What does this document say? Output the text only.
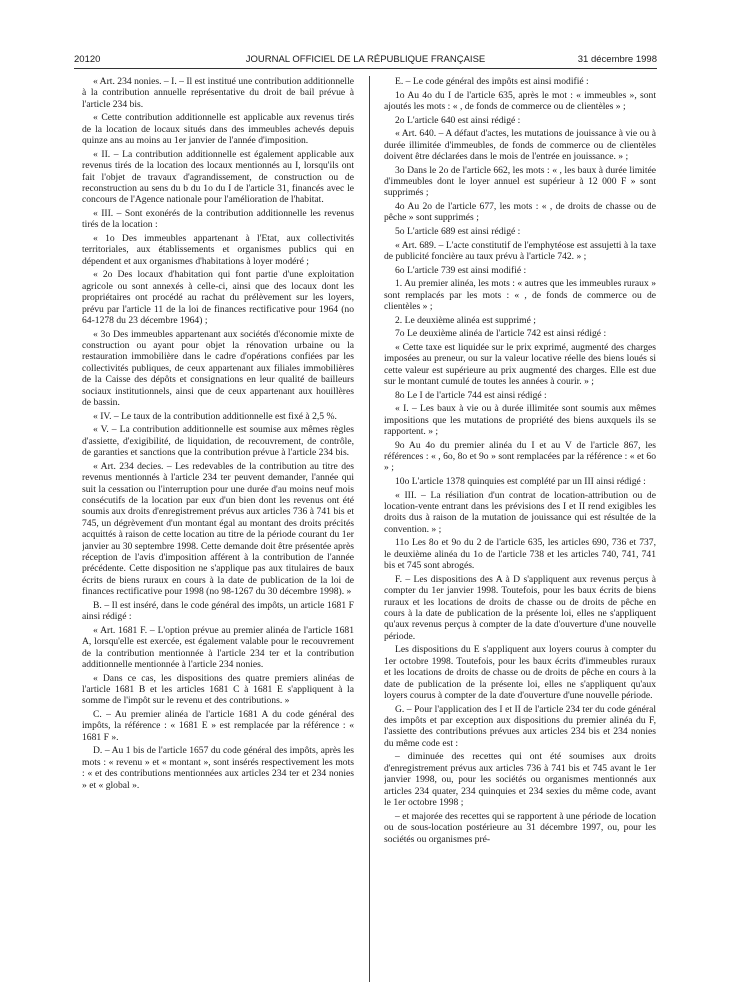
20120	JOURNAL OFFICIEL DE LA RÉPUBLIQUE FRANÇAISE	31 décembre 1998

« Art. 234 nonies. – I. – Il est institué une contribution additionnelle à la contribution annuelle représentative du droit de bail prévue à l'article 234 bis.

« Cette contribution additionnelle est applicable aux revenus tirés de la location de locaux situés dans des immeubles achevés depuis quinze ans au moins au 1er janvier de l'année d'imposition.

« II. – La contribution additionnelle est également applicable aux revenus tirés de la location des locaux mentionnés au I, lorsqu'ils ont fait l'objet de travaux d'agrandissement, de construction ou de reconstruction au sens du b du 1o du I de l'article 31, financés avec le concours de l'Agence nationale pour l'amélioration de l'habitat.

« III. – Sont exonérés de la contribution additionnelle les revenus tirés de la location :

« 1o Des immeubles appartenant à l'Etat, aux collectivités territoriales, aux établissements et organismes publics qui en dépendent et aux organismes d'habitations à loyer modéré ;

« 2o Des locaux d'habitation qui font partie d'une exploitation agricole ou sont annexés à celle-ci, ainsi que des locaux dont les propriétaires ont procédé au rachat du prélèvement sur les loyers, prévu par l'article 11 de la loi de finances rectificative pour 1964 (no 64-1278 du 23 décembre 1964) ;

« 3o Des immeubles appartenant aux sociétés d'économie mixte de construction ou ayant pour objet la rénovation urbaine ou la restauration immobilière dans le cadre d'opérations confiées par les collectivités publiques, de ceux appartenant aux filiales immobilières de la Caisse des dépôts et consignations en leur qualité de bailleurs sociaux institutionnels, ainsi que de ceux appartenant aux houillères de bassin.

« IV. – Le taux de la contribution additionnelle est fixé à 2,5 %.

« V. – La contribution additionnelle est soumise aux mêmes règles d'assiette, d'exigibilité, de liquidation, de recouvrement, de contrôle, de garanties et sanctions que la contribution prévue à l'article 234 bis.

« Art. 234 decies. – Les redevables de la contribution au titre des revenus mentionnés à l'article 234 ter peuvent demander, l'année qui suit la cessation ou l'interruption pour une durée d'au moins neuf mois consécutifs de la location par eux d'un bien dont les revenus ont été soumis aux droits d'enregistrement prévus aux articles 736 à 741 bis et 745, un dégrèvement d'un montant égal au montant des droits précités acquittés à raison de cette location au titre de la période courant du 1er janvier au 30 septembre 1998. Cette demande doit être présentée après réception de l'avis d'imposition afférent à la contribution de l'année précédente. Cette disposition ne s'applique pas aux titulaires de baux écrits de biens ruraux en cours à la date de publication de la loi de finances rectificative pour 1998 (no 98-1267 du 30 décembre 1998). »

B. – Il est inséré, dans le code général des impôts, un article 1681 F ainsi rédigé :

« Art. 1681 F. – L'option prévue au premier alinéa de l'article 1681 A, lorsqu'elle est exercée, est également valable pour le recouvrement de la contribution mentionnée à l'article 234 ter et la contribution additionnelle mentionnée à l'article 234 nonies.

« Dans ce cas, les dispositions des quatre premiers alinéas de l'article 1681 B et les articles 1681 C à 1681 E s'appliquent à la somme de l'impôt sur le revenu et des contributions. »

C. – Au premier alinéa de l'article 1681 A du code général des impôts, la référence : « 1681 E » est remplacée par la référence : « 1681 F ».

D. – Au 1 bis de l'article 1657 du code général des impôts, après les mots : « revenu » et « montant », sont insérés respectivement les mots : « et des contributions mentionnées aux articles 234 ter et 234 nonies » et « global ».

E. – Le code général des impôts est ainsi modifié :

1o Au 4o du I de l'article 635, après le mot : « immeubles », sont ajoutés les mots : « , de fonds de commerce ou de clientèles » ;

2o L'article 640 est ainsi rédigé :

« Art. 640. – A défaut d'actes, les mutations de jouissance à vie ou à durée illimitée d'immeubles, de fonds de commerce ou de clientèles doivent être déclarées dans le mois de l'entrée en jouissance. » ;

3o Dans le 2o de l'article 662, les mots : « , les baux à durée limitée d'immeubles dont le loyer annuel est supérieur à 12 000 F » sont supprimés ;

4o Au 2o de l'article 677, les mots : « , de droits de chasse ou de pêche » sont supprimés ;

5o L'article 689 est ainsi rédigé :

« Art. 689. – L'acte constitutif de l'emphytéose est assujetti à la taxe de publicité foncière au taux prévu à l'article 742. » ;

6o L'article 739 est ainsi modifié :

1. Au premier alinéa, les mots : « autres que les immeubles ruraux » sont remplacés par les mots : « , de fonds de commerce ou de clientèles » ;

2. Le deuxième alinéa est supprimé ;

7o Le deuxième alinéa de l'article 742 est ainsi rédigé :

« Cette taxe est liquidée sur le prix exprimé, augmenté des charges imposées au preneur, ou sur la valeur locative réelle des biens loués si cette valeur est supérieure au prix augmenté des charges. Elle est due sur le montant cumulé de toutes les années à courir. » ;

8o Le I de l'article 744 est ainsi rédigé :

« I. – Les baux à vie ou à durée illimitée sont soumis aux mêmes impositions que les mutations de propriété des biens auxquels ils se rapportent. » ;

9o Au 4o du premier alinéa du I et au V de l'article 867, les références : « , 6o, 8o et 9o » sont remplacées par la référence : « et 6o » ;

10o L'article 1378 quinquies est complété par un III ainsi rédigé :

« III. – La résiliation d'un contrat de location-attribution ou de location-vente entrant dans les prévisions des I et II rend exigibles les droits dus à raison de la mutation de jouissance qui est résultée de la convention. » ;

11o Les 8o et 9o du 2 de l'article 635, les articles 690, 736 et 737, le deuxième alinéa du 1o de l'article 738 et les articles 740, 741, 741 bis et 745 sont abrogés.

F. – Les dispositions des A à D s'appliquent aux revenus perçus à compter du 1er janvier 1998. Toutefois, pour les baux écrits de biens ruraux et les locations de droits de chasse ou de droits de pêche en cours à la date de publication de la présente loi, elles ne s'appliquent qu'aux revenus perçus à compter de la date d'ouverture d'une nouvelle période.

Les dispositions du E s'appliquent aux loyers courus à compter du 1er octobre 1998. Toutefois, pour les baux écrits d'immeubles ruraux et les locations de droits de chasse ou de droits de pêche en cours à la date de publication de la présente loi, elles ne s'appliquent qu'aux loyers courus à compter de la date d'ouverture d'une nouvelle période.

G. – Pour l'application des I et II de l'article 234 ter du code général des impôts et par exception aux dispositions du premier alinéa du F, l'assiette des contributions prévues aux articles 234 bis et 234 nonies du même code est :

– diminuée des recettes qui ont été soumises aux droits d'enregistrement prévus aux articles 736 à 741 bis et 745 avant le 1er janvier 1998, ou, pour les sociétés ou organismes mentionnés aux articles 234 quater, 234 quinquies et 234 sexies du même code, avant le 1er octobre 1998 ;

– et majorée des recettes qui se rapportent à une période de location ou de sous-location postérieure au 31 décembre 1997, ou, pour les sociétés ou organismes pré-
